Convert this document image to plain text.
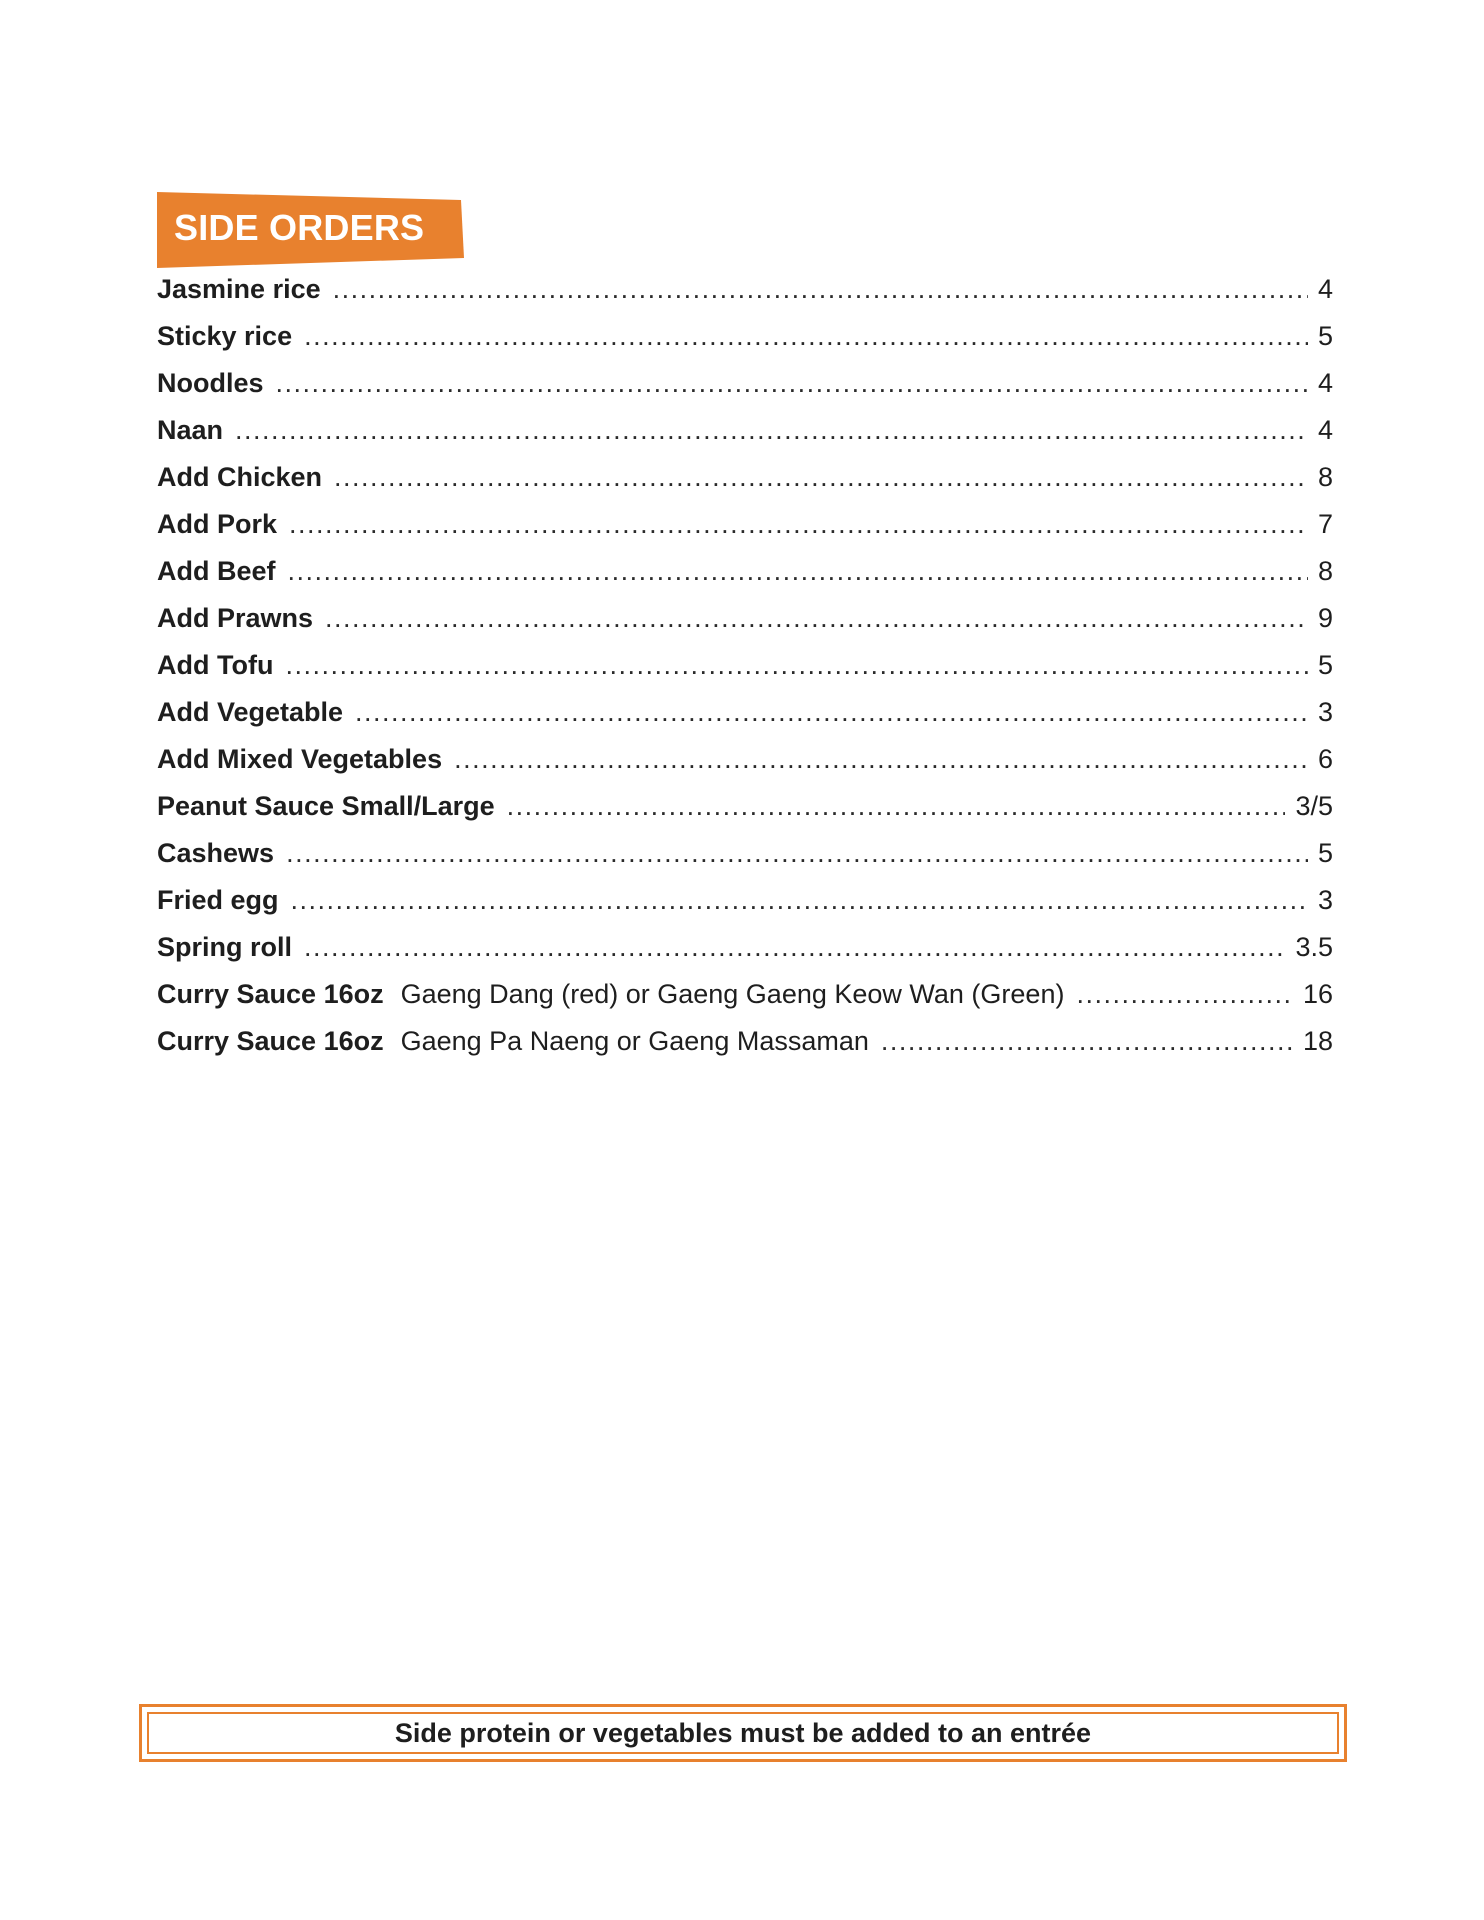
SIDE ORDERS
Jasmine rice .....	4
Sticky rice .....	5
Noodles .....	4
Naan .....	4
Add Chicken .....	8
Add Pork .....	7
Add Beef .....	8
Add Prawns .....	9
Add Tofu .....	5
Add Vegetable .....	3
Add Mixed Vegetables .....	6
Peanut Sauce Small/Large .....	3/5
Cashews .....	5
Fried egg .....	3
Spring roll .....	3.5
Curry Sauce 16oz Gaeng Dang (red) or Gaeng Gaeng Keow Wan (Green) .....	16
Curry Sauce 16oz Gaeng Pa Naeng or Gaeng Massaman .....	18
Side protein or vegetables must be added to an entrée
